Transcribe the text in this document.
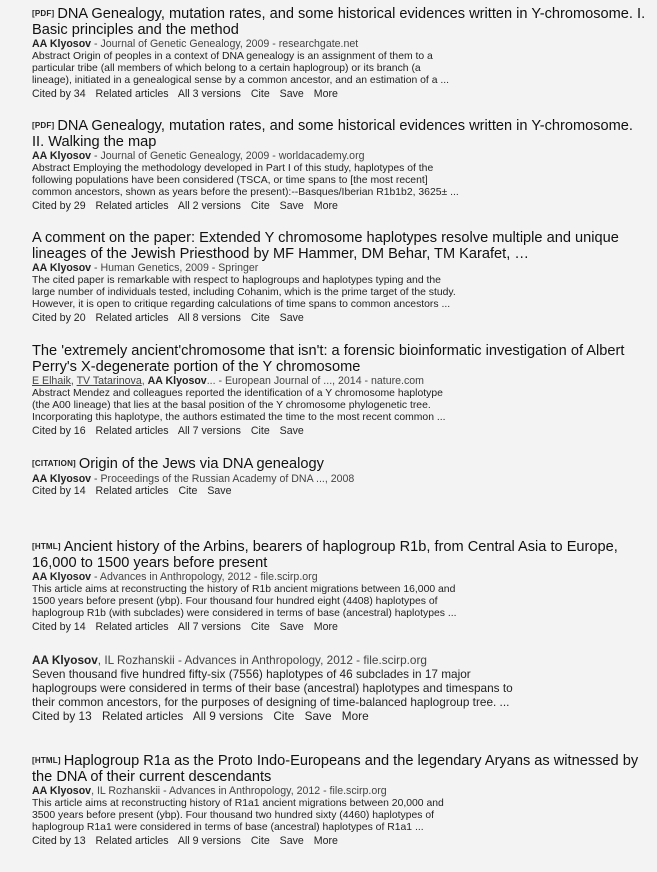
[PDF] DNA Genealogy, mutation rates, and some historical evidences written in Y-chromosome. I. Basic principles and the method
AA Klyosov - Journal of Genetic Genealogy, 2009 - researchgate.net
Abstract Origin of peoples in a context of DNA genealogy is an assignment of them to a
particular tribe (all members of which belong to a certain haplogroup) or its branch (a
lineage), initiated in a genealogical sense by a common ancestor, and an estimation of a ...
Cited by 34 Related articles All 3 versions Cite Save More
[PDF] DNA Genealogy, mutation rates, and some historical evidences written in Y-chromosome. II. Walking the map
AA Klyosov - Journal of Genetic Genealogy, 2009 - worldacademy.org
Abstract Employing the methodology developed in Part I of this study, haplotypes of the
following populations have been considered (TSCA, or time spans to [the most recent]
common ancestors, shown as years before the present):--Basques/Iberian R1b1b2, 3625± ...
Cited by 29 Related articles All 2 versions Cite Save More
A comment on the paper: Extended Y chromosome haplotypes resolve multiple and unique lineages of the Jewish Priesthood by MF Hammer, DM Behar, TM Karafet, …
AA Klyosov - Human Genetics, 2009 - Springer
The cited paper is remarkable with respect to haplogroups and haplotypes typing and the
large number of individuals tested, including Cohanim, which is the prime target of the study.
However, it is open to critique regarding calculations of time spans to common ancestors ...
Cited by 20 Related articles All 8 versions Cite Save
The 'extremely ancient'chromosome that isn't: a forensic bioinformatic investigation of Albert Perry's X-degenerate portion of the Y chromosome
E Elhaik, TV Tatarinova, AA Klyosov... - European Journal of ..., 2014 - nature.com
Abstract Mendez and colleagues reported the identification of a Y chromosome haplotype
(the A00 lineage) that lies at the basal position of the Y chromosome phylogenetic tree.
Incorporating this haplotype, the authors estimated the time to the most recent common ...
Cited by 16 Related articles All 7 versions Cite Save
[CITATION] Origin of the Jews via DNA genealogy
AA Klyosov - Proceedings of the Russian Academy of DNA ..., 2008
Cited by 14 Related articles Cite Save
[HTML] Ancient history of the Arbins, bearers of haplogroup R1b, from Central Asia to Europe, 16,000 to 1500 years before present
AA Klyosov - Advances in Anthropology, 2012 - file.scirp.org
This article aims at reconstructing the history of R1b ancient migrations between 16,000 and
1500 years before present (ybp). Four thousand four hundred eight (4408) haplotypes of
haplogroup R1b (with subclades) were considered in terms of base (ancestral) haplotypes ...
Cited by 14 Related articles All 7 versions Cite Save More
AA Klyosov, IL Rozhanskii - Advances in Anthropology, 2012 - file.scirp.org
Seven thousand five hundred fifty-six (7556) haplotypes of 46 subclades in 17 major
haplogroups were considered in terms of their base (ancestral) haplotypes and timespans to
their common ancestors, for the purposes of designing of time-balanced haplogroup tree. ...
Cited by 13 Related articles All 9 versions Cite Save More
[HTML] Haplogroup R1a as the Proto Indo-Europeans and the legendary Aryans as witnessed by the DNA of their current descendants
AA Klyosov, IL Rozhanskii - Advances in Anthropology, 2012 - file.scirp.org
This article aims at reconstructing history of R1a1 ancient migrations between 20,000 and
3500 years before present (ybp). Four thousand two hundred sixty (4460) haplotypes of
haplogroup R1a1 were considered in terms of base (ancestral) haplotypes of R1a1 ...
Cited by 13 Related articles All 9 versions Cite Save More
